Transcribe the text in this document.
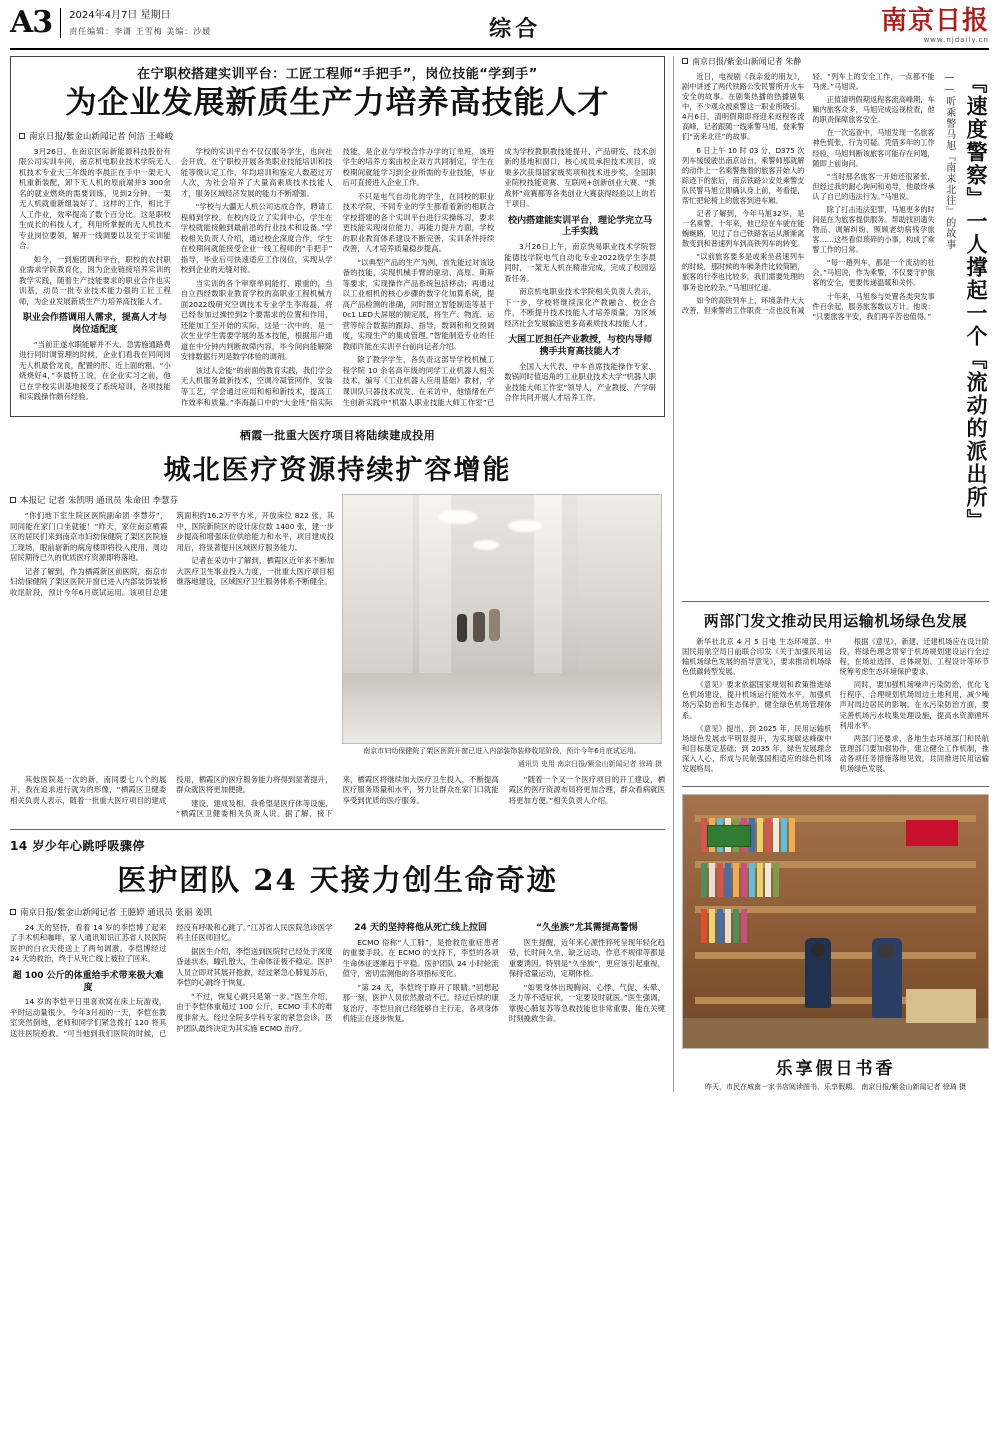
A3	2024年4月7日 星期日
责任编辑：李潇 王雪梅 美编：沙媛	综合	南京日报
www.njdaily.cn
在宁职校搭建实训平台：工匠工程师“手把手”，岗位技能“学到手”
为企业发展新质生产力培养高技能人才
南京日报/紫金山新闻记者 何洁 王峰峻

3月26日，在南京区际新能源科技股份有限公司实训车间，南京机电职业技术学院无人机技术专业大三年级的李晨正在手中一架无人机重新装配，卸下无人机的原前端并3 300余名的就业燃烧的需要训练，见到2分钟，一架无人机就重新组装好了。这样的工作，相比于人工作业，效率提高了数个百分比。这是职校生成长的科技人才，利用所掌握的无人机技术专业岗位要领，解开一线调要以及至于实训能合。

如今，一到施团调和平台，职校的农村职业需求学院教育化，因为企业链接培养实训的教学实践，随着生产技能要求的职业合作也实训基，动员一批专业技术能力强的工匠工程师，为企业发展新质生产力培养高技能人才。

职业会作搭调用人需求，提高人才与岗位适配度

“当前正遂水职能解并不大、急需施通路费进行同时调管理的时候，企业们看我在同间岗无人机最恰龙良，配置的形、近上面的粗、“小烧烧好4，”李晨特工说，在企业实习之前，他已在学校实训基地接受了系统培训，各项技能和实践操作颇有经验。

学校的实训平台不仅仅服务学生，也向社会开放。在宁职校开展各类职业技能培训和技能等级认定工作，年均培训和鉴定人数超过万人次，为社会培养了大量高素质技术技能人才，服务区域经济发展的能力不断增强。

“学校与大疆无人机公司达成合作，聘请工程师到学校，在校内设立了实训中心，学生在学校就能接触到最前沿的行业技术和设备。”学校相关负责人介绍，通过校企深度合作，学生在校期间就能接受企业一线工程师的“手把手”指导，毕业后可快速适应工作岗位，实现从学校到企业的无缝对接。

当实训的各个审察单间能打、跟重的，当自立西经数职业教育学校的高职业工程机械方面2022级研究空调技术专业学生李海磊，将已经参加过操控到2个要需求的位置和作用，还能加工至开始的实际，这是一次中的，是一次生业学生需要学展的基本技能，根据用户通道在中分钟内判断故障内容，毕今间向能解除安排数据行列是数学体验的调剂。

该过人会能“的前面的教育实践，我们学会无人机服务最新技术，空调冷凝管网作，安装等工艺，学会通过应用和相和新技术，提高工作效率和质量。”李海磊口中的“大金班”指实际技能，是企业与学校合作办学的订单班，该班学生的培养方案由校企双方共同制定，学生在校期间就能学习到企业所需的专业技能，毕业后可直接进入企业工作。

不只是电气自动化的学生，在同校的职业技术学院，不同专业的学生都看着新的相联合学校搭建的各个实训平台进行实操练习，要求更技能实现岗位能力，再能力提升方面，学校的职业教育体系建设不断完善，实训条件持续改善，人才培养质量稳步提高。

“以典型产品的生产为例，首先能过对该设备的技能，实现机械手臂的驱动、高原、斯斯等要求，实现操作产品系统包括移动；再通过以工业相机的核心步骤的数字化加算系统，提高产品检测的准确，同时图立智能制造等基于0c1 LED大屏展的制定展，将生产、物流、运营等综合数据的跟踪、指导，数调和和交预调度，实现生产的集成管理。”智能制造专业的任教师许能在实训平台前向记者介绍。

除了教学学生，各负责这部导学校机械工程学院 10 余名高年级的同学工业机器人相关技术，编写《工业机器人应用基础》教材，学课训队只器技术成发，在采访中，他情绪在产生创新实践中“机器人职业技能大师工作室”已成为学校教职教技能提升、产品研发、技术创新的基地和窗口，核心成员承担技术项目，成果多次获得国家级奖项和技术进步奖，全国职业院校技能竞赛、互联网+创新创业大赛、“挑战杯”竞赛都等各类创业大赛获得经验以上的若干项目。

校内搭建能实训平台，理论学完立马上手实践

3月26日上午，南京快易职业技术学院智能德技学院电气自动化专业2022级学生李晨同时，一架无人机在精准完成，完成了校园巡查任务。

南京机电职业技术学院相关负责人表示，下一步，学校将继续深化产教融合、校企合作，不断提升技术技能人才培养质量，为区域经济社会发展输送更多高素质技术技能人才。

大国工匠担任产业教授，与校内导师携手共育高技能人才

全国人大代表、中车首席技能操作专家、数锅同时值追角的工业职业技术大学“机器人职业技能大师工作室”领导人，产业教授、产学研合作共同开展人才培养工作。

栖霞一批重大医疗项目将陆续建成投用
城北医疗资源持续扩容增能
本报记 记者 朱凯明 通讯员 朱命田 李慧芬

“你们地下室生院区医院副命团 李慧芬”，同同能在家门口坐就能！”昨天，家住南京栖霞区的居民们来到南京市妇幼保健院了架区医院施工现场，眼前崭新的病房楼即将投入使用，周边居民期待已久的优质医疗资源即将落地。

记者了解到，作为栖霞新区前医院，南京市妇幼保健院了架区医院开窗已进入内部装饰装修收尾阶段，预计今年6月底试运用。该项目总建筑面积约16.2万平方米，开放床位 822 张，其中，医院新院区的设计床位数 1400 张，建一步步提高和增强床位供给能力和水平，项目建成投用后，将显著提升区域医疗服务能力。

记者在采访中了解到，栖霞区近年来不断加大医疗卫生事业投入力度，一批重大医疗项目相继落地建设，区域医疗卫生服务体系不断健全。

南京市妇幼保健院了架区医院开窗已进入内部装饰装修收尾阶段，预计今年6月底试运用。
通讯员 史用 南京日报/紫金山新闻记者 徐琦 摄

其他医院是一次的新，南同要七八个的展开，我在追求进行就为的形像，“栖霞区卫健委相关负责人表示，随着一批重大医疗项目的建成投用，栖霞区的医疗服务能力将得到显著提升，群众就医将更加便捷。

建设、建成及相、我希望是医疗体等设施、“栖霞区卫健委相关负责人说。据了解，接下来，栖霞区将继续加大医疗卫生投入，不断提高医疗服务质量和水平，努力让群众在家门口就能享受到优质的医疗服务。

“随着一个又一个医疗项目的开工建设，栖霞区的医疗资源布局将更加合理，群众看病就医将更加方便。”相关负责人介绍。

14 岁少年心跳呼吸骤停
医护团队 24 天接力创生命奇迹
南京日报/紫金山新闻记者 王臆婷 通讯员 张丽 姜凯

24 天的坚持，看着 14 岁的李恺博了起来了手术机和咖啡，家人通讯知识江苏省人民医院医护的白衣天使送上了两句调激。李恺博经过 24 天的救治，终于从死亡线上被拉了回来。

超 100 公斤的体重给手术带来极大难度

14 岁的李恺平日里喜欢窝在床上玩游戏，平时运动量很少。今年3月初的一天，李恺在教室突然倒地，老师和同学们紧急拨打 120 将其送往医院抢救。“可当他到我们医院的时候，已经没有呼吸和心跳了。”江苏省人民医院急诊医学科主任医师回忆。

据医生介绍，李恺送到医院时已经处于深度昏迷状态，瞳孔散大，生命体征极不稳定。医护人员立即对其展开抢救，经过紧急心肺复苏后，李恺的心跳终于恢复。

“不过，恢复心跳只是第一步。”医生介绍，由于李恺体重超过 100 公斤，ECMO 手术的难度非常大。经过全院多学科专家的紧急会诊，医护团队最终决定为其实施 ECMO 治疗。

24 天的坚持将他从死亡线上拉回

ECMO 俗称“人工肺”，是抢救危重症患者的重要手段。在 ECMO 的支持下，李恺的各项生命体征逐渐趋于平稳。医护团队 24 小时轮流值守，密切监测他的各项指标变化。

“第 24 天，李恺终于睁开了眼睛。”回想起那一刻，医护人员依然激动不已。经过后续的康复治疗，李恺目前已经能够自主行走，各项身体机能正在逐步恢复。

“久坐族”尤其需提高警惕

医生提醒，近年来心源性猝死呈现年轻化趋势，长时间久坐、缺乏运动、作息不规律等都是重要诱因。特别是“久坐族”，更应该引起重视，保持适量运动，定期体检。

“如果身体出现胸闷、心悸、气促、头晕、乏力等不适症状，一定要及时就医。”医生强调，掌握心肺复苏等急救技能也非常重要，能在关键时刻挽救生命。

南京日报/紫金山新闻记者 朱静

近日，电视剧《我亲爱的朋友》，剧中讲述了两代铁路公安民警所开火车安全的故事。在剧集热播的热播剧集中，不少观众被乘警这一职业所吸引。4月6日，清明假期即将迎来返程客流高峰，记者跟随一线乘警马旭，登乘警们“南来北往”的故事。

6 日上午 10 时 03 分，D375 次列车缓缓驶出南京站台，乘警师那就解的动作上一名乘警拖着的旅客开始人的踪迹下的旅后，南京铁路公安处乘警支队民警马旭立即确认身上前，考看提，帮忙把轮椅上的旅客到进车厢。

记者了解到，今年马旭32岁，是一名乘警。十年来，他已经在车驶在能蜿蜒路，见过了自己铁路客运从渐渐离散变到和普速列车到高铁列车的转变。

“以前旅客要多是或乘坐普速列车的时候，那时候的车厢条件比较简陋，旅客的行李也比较多，我们需要处理的事务也比较杂。”马旭回忆道。

如今的高铁列车上，环境条件大大改善，但乘警的工作职责一点也没有减轻。“列车上的安全工作，一点都不能马虎。”马旭说。

正值清明假期返程客流高峰期，车厢内旅客众多，马旭完成巡视检查，他的职责保障旅客安全。

在一次巡查中，马旭发现一名旅客神色慌张，行为可疑。凭借多年的工作经验，马旭判断该旅客可能存在问题，随即上前询问。

“当时那名旅客一开始还很紧张，但经过我的耐心询问和劝导，他最终承认了自己的违法行为。”马旭说。

除了打击违法犯罪，马旭更多的时间是在为旅客提供服务。帮助找回遗失物品、调解纠纷、照顾老幼病残孕旅客……这些看似琐碎的小事，构成了乘警工作的日常。

“每一趟列车，都是一个流动的社会。”马旭说，作为乘警，不仅要守护旅客的安全，更要传递温暖和关怀。

十年来，马旭参与处置各类突发事件百余起，服务旅客数以万计。他说：“只要旅客平安，我们再辛苦也值得。”

——听乘警马旭『南来北往』的故事 『速度警察』一人撑起一个『流动的派出所』
两部门发文推动民用运输机场绿色发展

新华社北京 4 月 5 日电 生态环境部、中国民用航空局日前联合印发《关于加强民用运输机场绿色发展的指导意见》，要求推动机场绿色低碳转型发展。

《意见》要求依据国家规划和政策推进绿色机场建设，提升机场运行能效水平，加强机场污染防治和生态保护，健全绿色机场管理体系。

《意见》提出，到 2025 年，民用运输机场绿色发展水平明显提升，为实现碳达峰碳中和目标奠定基础；到 2035 年，绿色发展理念深入人心，形成与民航强国相适应的绿色机场发展格局。

根据《意见》，新建、迁建机场应在设计阶段，将绿色理念贯穿于机场规划建设运行全过程，在场址选择、总体规划、工程设计等环节统筹考虑生态环境保护要求。

同时，要加强机场噪声污染防治，优化飞行程序，合理规划机场周边土地利用，减少噪声对周边居民的影响。在水污染防治方面，要完善机场污水收集处理设施，提高水资源循环利用水平。

两部门还要求，各地生态环境部门和民航管理部门要加强协作，建立健全工作机制，推动各项任务措施落地见效，共同推进民用运输机场绿色发展。

乐享假日书香
昨天，市民在城南一家书店阅读图书，乐享假期。 南京日报/紫金山新闻记者 徐琦 摄
